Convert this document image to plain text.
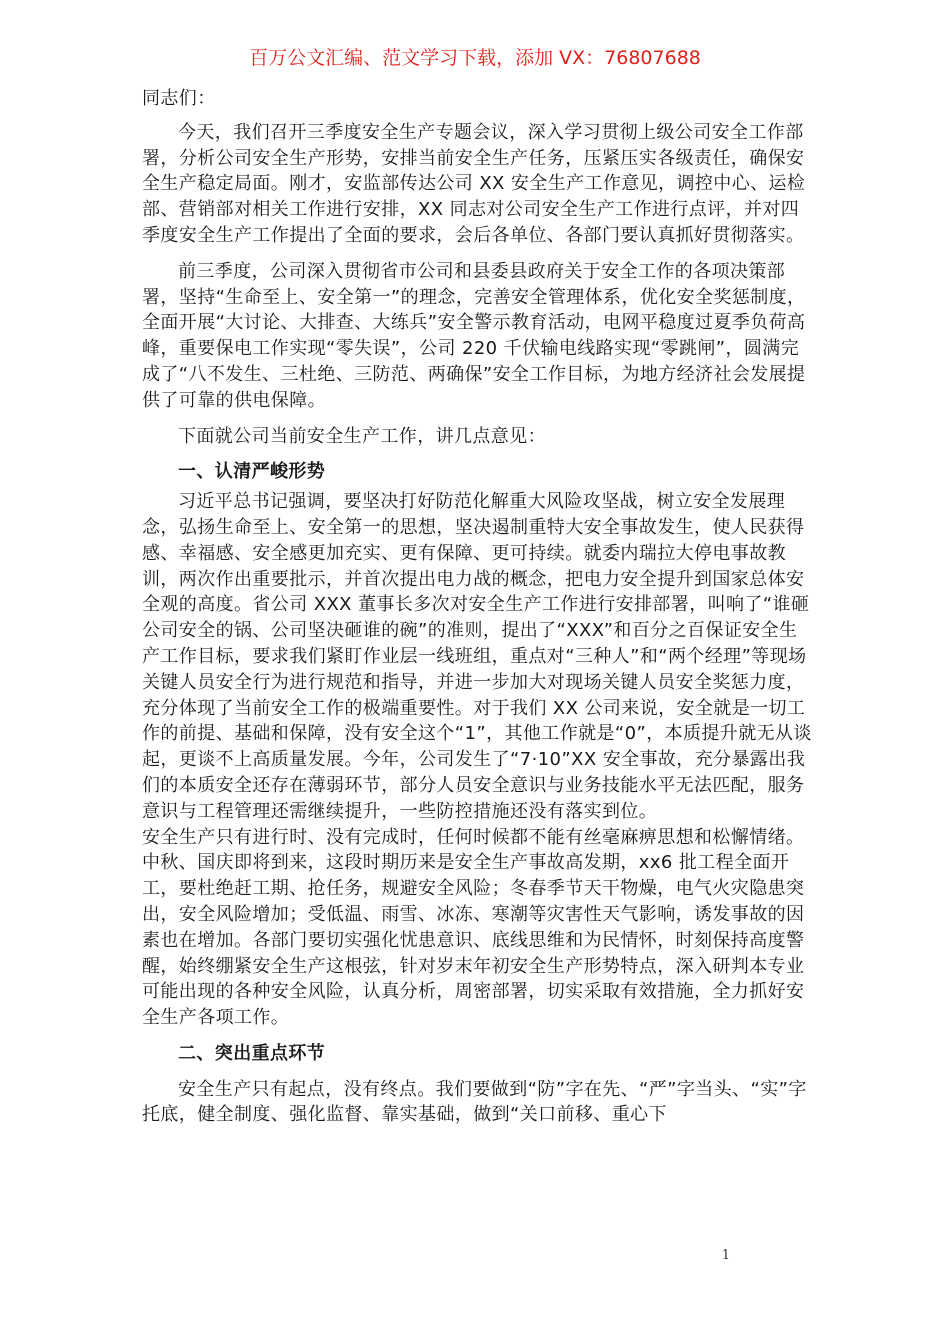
百万公文汇编、范文学习下载，添加 VX：76807688

同志们：

今天，我们召开三季度安全生产专题会议，深入学习贯彻上级公司安全工作部署，分析公司安全生产形势，安排当前安全生产任务，压紧压实各级责任，确保安全生产稳定局面。刚才，安监部传达公司 XX 安全生产工作意见，调控中心、运检部、营销部对相关工作进行安排，XX 同志对公司安全生产工作进行点评，并对四季度安全生产工作提出了全面的要求，会后各单位、各部门要认真抓好贯彻落实。

前三季度，公司深入贯彻省市公司和县委县政府关于安全工作的各项决策部署，坚持“生命至上、安全第一”的理念，完善安全管理体系，优化安全奖惩制度，全面开展“大讨论、大排查、大练兵”安全警示教育活动，电网平稳度过夏季负荷高峰，重要保电工作实现“零失误”，公司 220 千伏输电线路实现“零跳闸”，圆满完成了“八不发生、三杜绝、三防范、两确保”安全工作目标，为地方经济社会发展提供了可靠的供电保障。

下面就公司当前安全生产工作，讲几点意见：

一、认清严峻形势

习近平总书记强调，要坚决打好防范化解重大风险攻坚战，树立安全发展理念，弘扬生命至上、安全第一的思想，坚决遏制重特大安全事故发生，使人民获得感、幸福感、安全感更加充实、更有保障、更可持续。就委内瑞拉大停电事故教训，两次作出重要批示，并首次提出电力战的概念，把电力安全提升到国家总体安全观的高度。省公司 XXX 董事长多次对安全生产工作进行安排部署，叫响了“谁砸公司安全的锅、公司坚决砸谁的碗”的准则，提出了“XXX”和百分之百保证安全生产工作目标，要求我们紧盯作业层一线班组，重点对“三种人”和“两个经理”等现场关键人员安全行为进行规范和指导，并进一步加大对现场关键人员安全奖惩力度，充分体现了当前安全工作的极端重要性。对于我们 XX 公司来说，安全就是一切工作的前提、基础和保障，没有安全这个“1”，其他工作就是“0”，本质提升就无从谈起，更谈不上高质量发展。今年，公司发生了“7·10”XX 安全事故，充分暴露出我们的本质安全还存在薄弱环节，部分人员安全意识与业务技能水平无法匹配，服务意识与工程管理还需继续提升，一些防控措施还没有落实到位。

安全生产只有进行时、没有完成时，任何时候都不能有丝毫麻痹思想和松懈情绪。中秋、国庆即将到来，这段时期历来是安全生产事故高发期，xx6 批工程全面开工，要杜绝赶工期、抢任务，规避安全风险；冬春季节天干物燥，电气火灾隐患突出，安全风险增加；受低温、雨雪、冰冻、寒潮等灾害性天气影响，诱发事故的因素也在增加。各部门要切实强化忧患意识、底线思维和为民情怀，时刻保持高度警醒，始终绷紧安全生产这根弦，针对岁末年初安全生产形势特点，深入研判本专业可能出现的各种安全风险，认真分析，周密部署，切实采取有效措施，全力抓好安全生产各项工作。

二、突出重点环节

安全生产只有起点，没有终点。我们要做到“防”字在先、“严”字当头、“实”字托底，健全制度、强化监督、靠实基础，做到“关口前移、重心下

1
